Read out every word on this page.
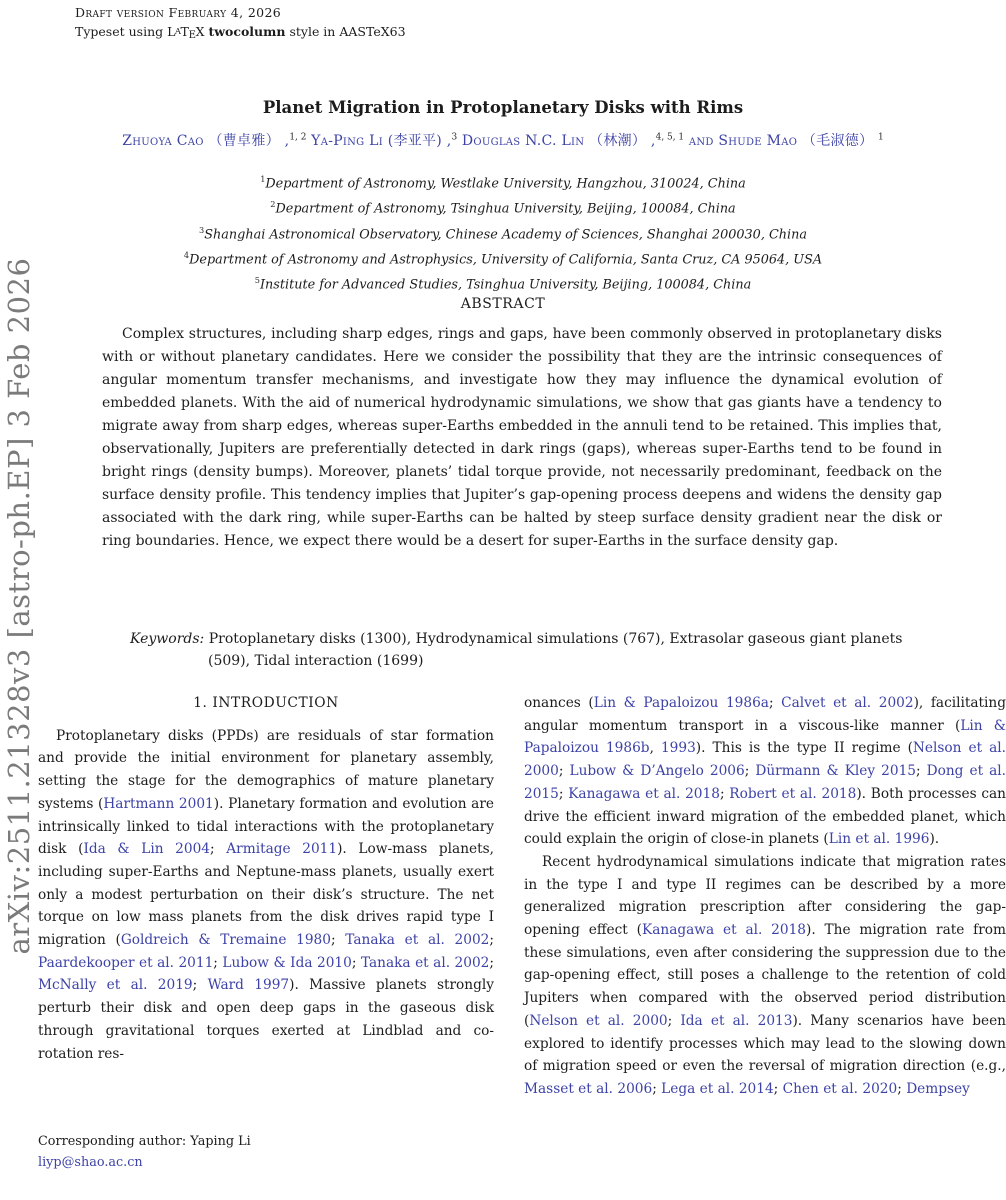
Draft version February 4, 2026
Typeset using LATEX twocolumn style in AASTeX63
arXiv:2511.21328v3 [astro-ph.EP] 3 Feb 2026
Planet Migration in Protoplanetary Disks with Rims
Zhuoya Cao （曹卓雅） ,$^{1, 2}$ Ya-Ping Li (李亚平) ,$^3$ Douglas N.C. Lin （林潮） ,$^{4, 5, 1}$ and Shude Mao （毛淑德） $^1$
$^1$Department of Astronomy, Westlake University, Hangzhou, 310024, China
$^2$Department of Astronomy, Tsinghua University, Beijing, 100084, China
$^3$Shanghai Astronomical Observatory, Chinese Academy of Sciences, Shanghai 200030, China
$^4$Department of Astronomy and Astrophysics, University of California, Santa Cruz, CA 95064, USA
$^5$Institute for Advanced Studies, Tsinghua University, Beijing, 100084, China
ABSTRACT
Complex structures, including sharp edges, rings and gaps, have been commonly observed in protoplanetary disks with or without planetary candidates. Here we consider the possibility that they are the intrinsic consequences of angular momentum transfer mechanisms, and investigate how they may influence the dynamical evolution of embedded planets. With the aid of numerical hydrodynamic simulations, we show that gas giants have a tendency to migrate away from sharp edges, whereas super-Earths embedded in the annuli tend to be retained. This implies that, observationally, Jupiters are preferentially detected in dark rings (gaps), whereas super-Earths tend to be found in bright rings (density bumps). Moreover, planets’ tidal torque provide, not necessarily predominant, feedback on the surface density profile. This tendency implies that Jupiter’s gap-opening process deepens and widens the density gap associated with the dark ring, while super-Earths can be halted by steep surface density gradient near the disk or ring boundaries. Hence, we expect there would be a desert for super-Earths in the surface density gap.
Keywords: Protoplanetary disks (1300), Hydrodynamical simulations (767), Extrasolar gaseous giant planets (509), Tidal interaction (1699)
1. INTRODUCTION

Protoplanetary disks (PPDs) are residuals of star formation and provide the initial environment for planetary assembly, setting the stage for the demographics of mature planetary systems (Hartmann 2001). Planetary formation and evolution are intrinsically linked to tidal interactions with the protoplanetary disk (Ida & Lin 2004; Armitage 2011). Low-mass planets, including super-Earths and Neptune-mass planets, usually exert only a modest perturbation on their disk’s structure. The net torque on low mass planets from the disk drives rapid type I migration (Goldreich & Tremaine 1980; Tanaka et al. 2002; Paardekooper et al. 2011; Lubow & Ida 2010; Tanaka et al. 2002; McNally et al. 2019; Ward 1997). Massive planets strongly perturb their disk and open deep gaps in the gaseous disk through gravitational torques exerted at Lindblad and co-rotation res-

onances (Lin & Papaloizou 1986a; Calvet et al. 2002), facilitating angular momentum transport in a viscous-like manner (Lin & Papaloizou 1986b, 1993). This is the type II regime (Nelson et al. 2000; Lubow & D’Angelo 2006; Dürmann & Kley 2015; Dong et al. 2015; Kanagawa et al. 2018; Robert et al. 2018). Both processes can drive the efficient inward migration of the embedded planet, which could explain the origin of close-in planets (Lin et al. 1996).

Recent hydrodynamical simulations indicate that migration rates in the type I and type II regimes can be described by a more generalized migration prescription after considering the gap-opening effect (Kanagawa et al. 2018). The migration rate from these simulations, even after considering the suppression due to the gap-opening effect, still poses a challenge to the retention of cold Jupiters when compared with the observed period distribution (Nelson et al. 2000; Ida et al. 2013). Many scenarios have been explored to identify processes which may lead to the slowing down of migration speed or even the reversal of migration direction (e.g., Masset et al. 2006; Lega et al. 2014; Chen et al. 2020; Dempsey

Corresponding author: Yaping Li
liyp@shao.ac.cn
